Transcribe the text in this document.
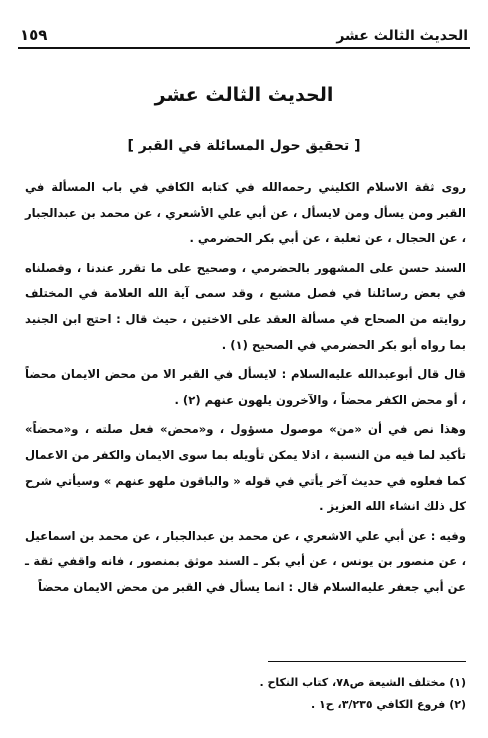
الحديث الثالث عشر
١٥٩
الحديث الثالث عشر
[ تحقيق حول المسائلة في القبر ]

روى ثقة الاسلام الكليني رحمه‌الله في كتابه الكافي في باب المسألة في القبر ومن يسأل ومن لايسأل ، عن أبي علي الأشعري ، عن محمد بن عبدالجبار ، عن الحجال ، عن ثعلبة ، عن أبي بكر الحضرمي .

السند حسن على المشهور بالحضرمي ، وصحيح على ما تقرر عندنا ، وفصلناه في بعض رسائلنا في فصل مشبع ، وقد سمى آية الله العلامة في المختلف روايته من الصحاح في مسألة العقد على الاختين ، حيث قال : احتج ابن الجنيد بما رواه أبو بكر الحضرمي في الصحيح (١) .

قال قال أبوعبدالله عليه‌السلام : لايسأل في القبر الا من محض الايمان محضاً ، أو محض الكفر محضاً ، والآخرون يلهون عنهم (٢) .

وهذا نص في أن «من» موصول مسؤول ، و«محض» فعل صلته ، و«محضاً» تأكيد لما فيه من النسبة ، اذلا يمكن تأويله بما سوى الايمان والكفر من الاعمال كما فعلوه في حديث آخر يأتي في قوله « والباقون ملهو عنهم » وسيأتي شرح كل ذلك انشاء الله العزيز .

وفيه : عن أبي علي الاشعري ، عن محمد بن عبدالجبار ، عن محمد بن اسماعيل ، عن منصور بن يونس ، عن أبي بكر ـ السند موثق بمنصور ، فانه واقفي ثقة ـ عن أبي جعفر عليه‌السلام قال : انما يسأل في القبر من محض الايمان محضاً

(١) مختلف الشيعة ص٧٨، كتاب النكاح .
(٢) فروع الكافي ٣/٢٣٥، ح١ .
